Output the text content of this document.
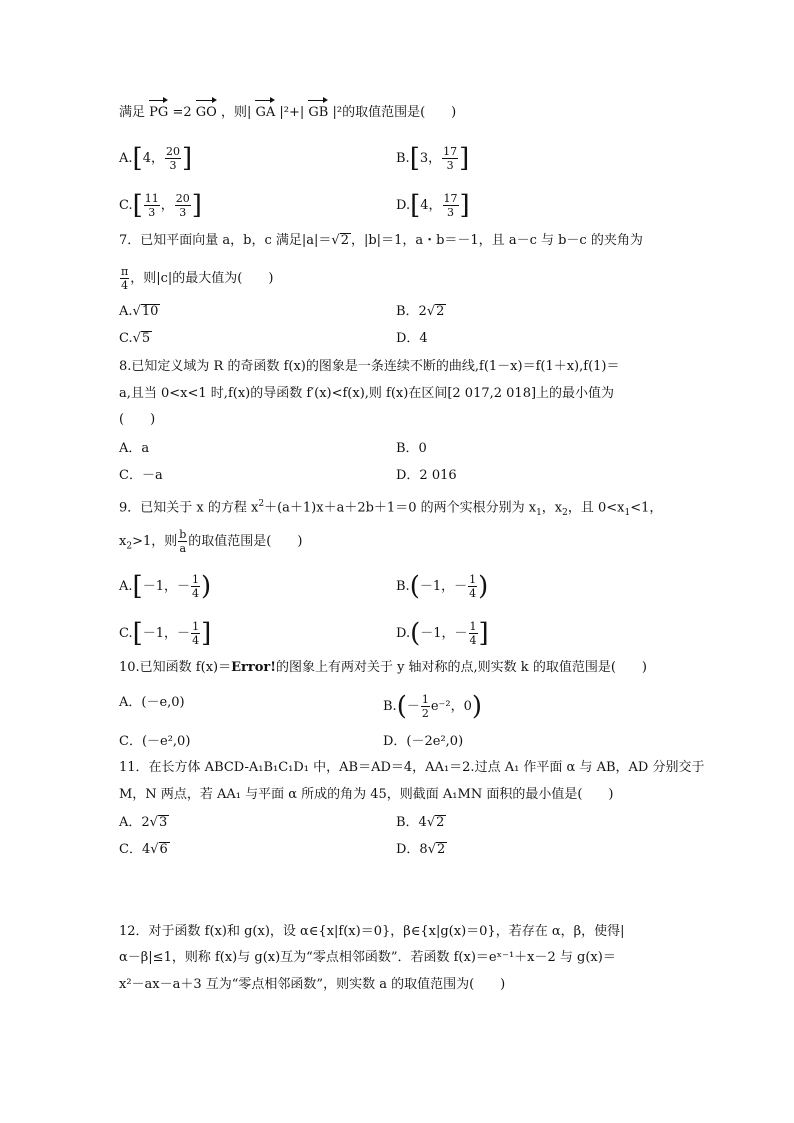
满足 PG =2 GO ，则| GA |²+| GB |²的取值范围是(　　)
A.[4， $\frac{20}{3}$ ]	B.[3， $\frac{17}{3}$ ]
$C.[ \frac{11}{3}$ ， $\frac{20}{3}$ ]	D.[4， $\frac{17}{3}$ ]
7．已知平面向量 a，b，c 满足|a|＝√2 ，|b|＝1，a・b＝－1，且 a－c 与 b－c 的夹角为
$\frac{\pi}{4}$ ，则|c|的最大值为(　　)
A.√10	B．2√2
C.√5	D．4
8.已知定义域为 R 的奇函数 f(x)的图象是一条连续不断的曲线,f(1－x)＝f(1＋x),f(1)＝
a,且当 0<x<1 时,f(x)的导函数 f′(x)<f(x),则 f(x)在区间[2 017,2 018]上的最小值为
(　　)
A．a	B．0
C．－a	D．2 016
9．已知关于 x 的方程 $x^2+(a+1)x+a+2b+1=0$ 的两个实根分别为 $x_1$，$x_2$，且 $0<x_1<1$，
$x_2>1$，则 $\frac{b}{a}$ 的取值范围是(　　)
A.[－1，－ $\frac{1}{4}$ )	B.(－1，－ $\frac{1}{4}$ )
C.[－1，－ $\frac{1}{4}$ ]	D.(－1，－ $\frac{1}{4}$ ]
10.已知函数 f(x)＝Error!的图象上有两对关于 y 轴对称的点,则实数 k 的取值范围是(　　)
A．(－e,0)	$B.(- \frac{1}{2} e^{-2}$，0)
C．(－e²,0)	D．(－2e²,0)
11．在长方体 ABCD-A₁B₁C₁D₁ 中，AB＝AD＝4，AA₁＝2.过点 A₁ 作平面 α 与 AB，AD 分别交于
M，N 两点，若 AA₁ 与平面 α 所成的角为 45，则截面 A₁MN 面积的最小值是(　　)
A．2√3	B．4√2
C．4√6	D．8√2
12．对于函数 f(x)和 g(x)，设 α∈{x|f(x)＝0}，β∈{x|g(x)＝0}，若存在 α，β，使得|
α－β|≤1，则称 f(x)与 g(x)互为“零点相邻函数”．若函数 f(x)＝eˣ⁻¹＋x－2 与 g(x)＝
x²－ax－a＋3 互为“零点相邻函数”，则实数 a 的取值范围为(　　)
